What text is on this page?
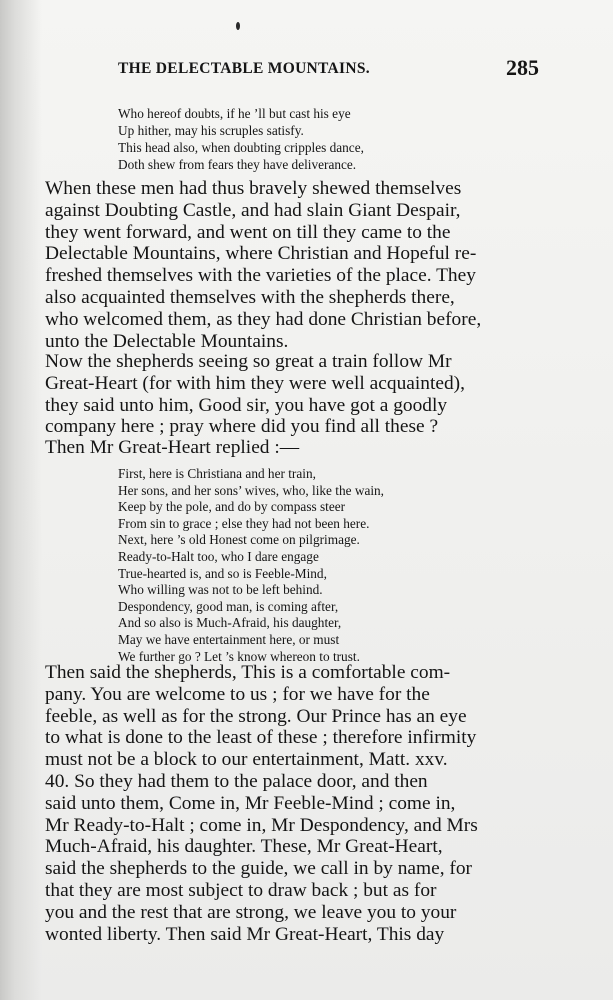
THE DELECTABLE MOUNTAINS.	285
Who hereof doubts, if he ’ll but cast his eye
Up hither, may his scruples satisfy.
This head also, when doubting cripples dance,
Doth shew from fears they have deliverance.
When these men had thus bravely shewed themselves
against Doubting Castle, and had slain Giant Despair,
they went forward, and went on till they came to the
Delectable Mountains, where Christian and Hopeful re-
freshed themselves with the varieties of the place. They
also acquainted themselves with the shepherds there,
who welcomed them, as they had done Christian before,
unto the Delectable Mountains.
Now the shepherds seeing so great a train follow Mr
Great-Heart (for with him they were well acquainted),
they said unto him, Good sir, you have got a goodly
company here ; pray where did you find all these ?
Then Mr Great-Heart replied :—
First, here is Christiana and her train,
Her sons, and her sons’ wives, who, like the wain,
Keep by the pole, and do by compass steer
From sin to grace ; else they had not been here.
Next, here ’s old Honest come on pilgrimage.
Ready-to-Halt too, who I dare engage
True-hearted is, and so is Feeble-Mind,
Who willing was not to be left behind.
Despondency, good man, is coming after,
And so also is Much-Afraid, his daughter,
May we have entertainment here, or must
We further go ? Let ’s know whereon to trust.
Then said the shepherds, This is a comfortable com-
pany. You are welcome to us ; for we have for the
feeble, as well as for the strong. Our Prince has an eye
to what is done to the least of these ; therefore infirmity
must not be a block to our entertainment, Matt. xxv.
40. So they had them to the palace door, and then
said unto them, Come in, Mr Feeble-Mind ; come in,
Mr Ready-to-Halt ; come in, Mr Despondency, and Mrs
Much-Afraid, his daughter. These, Mr Great-Heart,
said the shepherds to the guide, we call in by name, for
that they are most subject to draw back ; but as for
you and the rest that are strong, we leave you to your
wonted liberty. Then said Mr Great-Heart, This day
